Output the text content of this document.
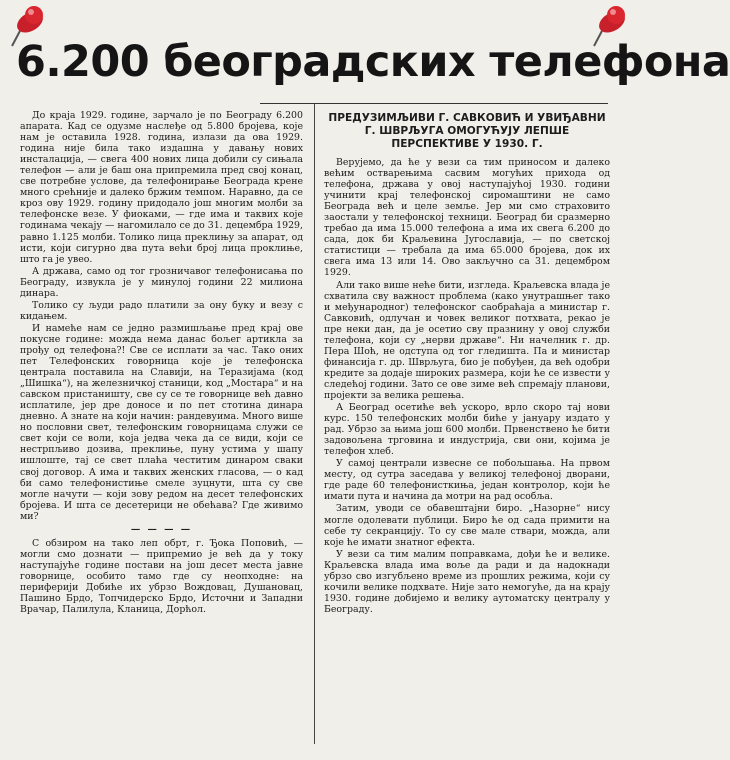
6.200 београдских телефона

До краја 1929. године, зарчало је по Београду 6.200 апарата. Кад се одузме наслеђе од 5.800 бројева, које нам је оставила 1928. година, излази да ова 1929. година није била тако издашна у давању нових инсталација, — свега 400 нових лица добили су сињала телефон — али је баш она припремила пред свој конац, све потребне услове, да телефонирање Београда крене много срећније и далеко бржим темпом. Наравно, да се кроз ову 1929. годину придодало још многим молби за телефонске везе. У фиоками, — где има и таквих које годинама чекају — нагомилало се до 31. децембра 1929, равно 1.125 молби. Толико лица преклињу за апарат, од исти, који сигурно два пута већи број лица проклиње, што га је увео.

А држава, само од тог грозничавог телефонисања по Београду, извукла је у минулој години 22 милиона динара.

Толико су људи радо платили за ону буку и везу с кидањем.

И намеће нам се једно размишљање пред крај ове покусне године: можда нема данас бољег артикла за прођу од телефона?! Све се исплати за час. Тако оних пет Телефонских говорница које је телефонска централа поставила на Славији, на Теразијама (код „Шишка“), на железничкој станици, код „Мостара“ и на савском пристаништу, све су се те говорнице већ давно исплатиле, јер дрe доносе и по пет стотина динара дневно. А знате на који начин: рандевуима. Много више но пословни свет, телефонским говорницама служи се свет који се воли, која једва чека да се види, који се нестрпљиво дозива, преклиње, пуну устима у шапу ишлоште, тај се свет плаћа честитим динаром сваки свој договор. А има и таквих женских гласова, — о кад би само телефонистиње смеле зуцнути, шта су све могле начути — који зову редом на десет телефонских бројева. И шта се десетерици не обећава? Где живимо ми?

— — — —

С обзиром на тако леп обрт, г. Ђока Поповић, — могли смо дознати — припремио је већ да у току наступајуће године постави на још десет места јавне говорнице, особито тамо где су неопходне: на периферији Добиће их убрзо Вождовац, Душановац, Пашино Брдо, Топчидерско Брдо, Источни и Западни Врачар, Палилула, Кланица, Дорћол.

ПРЕДУЗИМЉИВИ Г. САВКОВИЋ И УВИЂАВНИ Г. ШВРЉУГА ОМОГУЋУЈУ ЛЕПШЕ ПЕРСПЕКТИВЕ У 1930. Г.

Верујемо, да ће у вези са тим приносом и далеко већим остварењима сасвим могућих прихода од телефона, држава у овој наступајућој 1930. години учинити крај телефонској сиромаштини не само Београда већ и целе земље. Јер ми смо страховито заостали у телефонској техници. Београд би сразмерно требао да има 15.000 телефона а има их свега 6.200 до сада, док би Краљевина Југославија, — по светској статистици — требала да има 65.000 бројева, док их свега има 13 или 14. Ово закључно са 31. децембром 1929.

Али тако више неће бити, изгледа. Краљевска влада је схватила сву важност проблема (како унутрашњег тако и међународног) телефонског саобраћаја а министар г. Савковић, одлучан и човек великог потхвата, рекао је пре неки дан, да је осетио сву празнину у овој служби телефона, који су „нерви државе“. Ни начелник г. др. Пера Шоћ, не одступа од тог гледишта. Па и министар финансија г. др. Шврљуга, био је побуђен, да већ одобри кредите за додаје широких размера, који ће се извести у следећој години. Зато се ове зиме већ спремају планови, пројекти за велика решења.

А Београд осетиће већ ускоро, врло скоро тај нови курс. 150 телефонских молби биће у јануару издато у рад. Убрзо за њима још 600 молби. Првенствено ће бити задовољена трговина и индустрија, сви они, којима је телефон хлеб.

У самој централи извесне се побољшања. На првом месту, од сутра заседава у великој телефоној дворани, где раде 60 телефонисткиња, један контролор, који ће имати пута и начина да мотри на рад особља.

Затим, уводи се обавештајни биро. „Назорне“ нису могле одолевати публици. Биро ће од сада примити на себе ту секранцију. То су све мале ствари, можда, али које ће имати знатног ефекта.

У вези са тим малим поправкама, дођи ће и велике. Краљевска влада има воље да ради и да надокнади убрзо сво изгубљено време из прошлих режима, који су кочили велике подхвате. Није зато немогуће, да на крају 1930. године добијемо и велику аутоматску централу у Београду.
